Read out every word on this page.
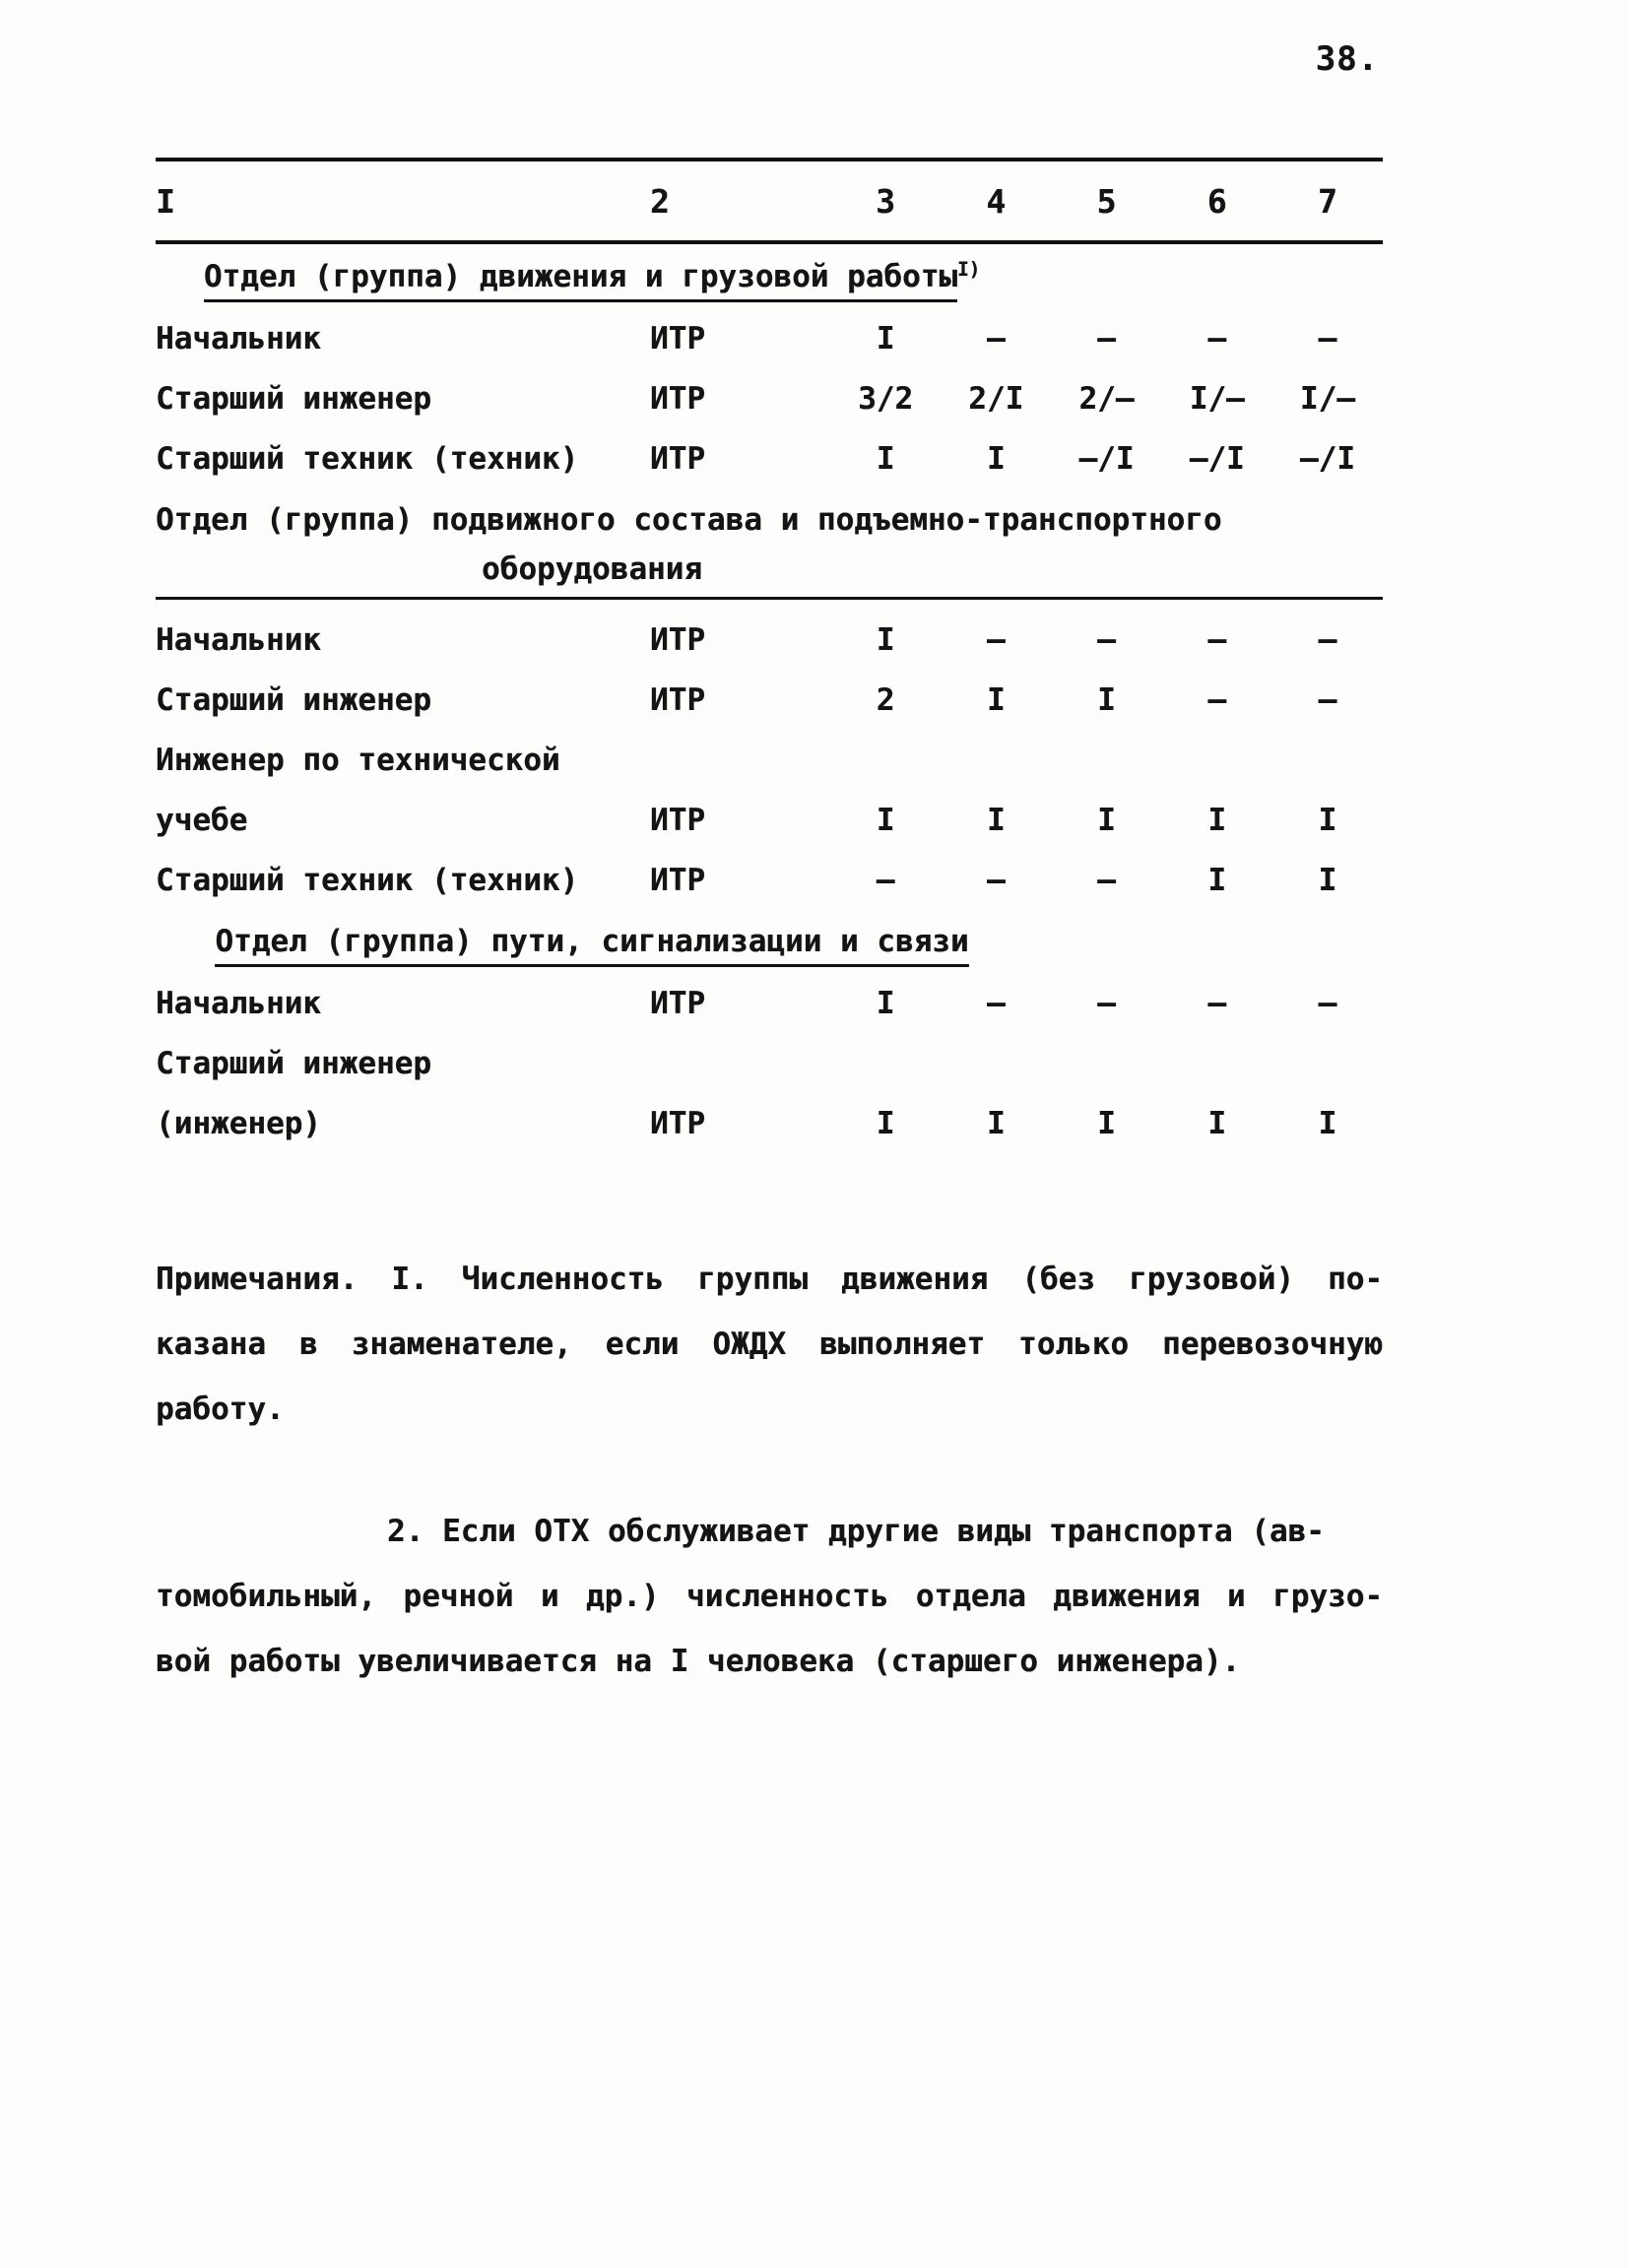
38.
I	2	3	4	5	6	7
Отдел (группа) движения и грузовой работы$^{I)}$
Начальник	ИТР	I	–	–	–	–
Старший инженер	ИТР	3/2	2/I	2/–	I/–	I/–
Старший техник (техник)	ИТР	I	I	–/I	–/I	–/I
Отдел (группа) подвижного состава и подъемно-транспортного
оборудования
Начальник	ИТР	I	–	–	–	–
Старший инженер	ИТР	2	I	I	–	–
Инженер по технической
учебе	ИТР	I	I	I	I	I
Старший техник (техник)	ИТР	–	–	–	I	I
Отдел (группа) пути, сигнализации и связи
Начальник	ИТР	I	–	–	–	–
Старший инженер
(инженер)	ИТР	I	I	I	I	I
Примечания. I. Численность группы движения (без грузовой) по-
казана в знаменателе, если ОЖДХ выполняет только перевозочную
работу.
2. Если ОТХ обслуживает другие виды транспорта (ав-
томобильный, речной и др.) численность отдела движения и грузо-
вой работы увеличивается на I человека (старшего инженера).
